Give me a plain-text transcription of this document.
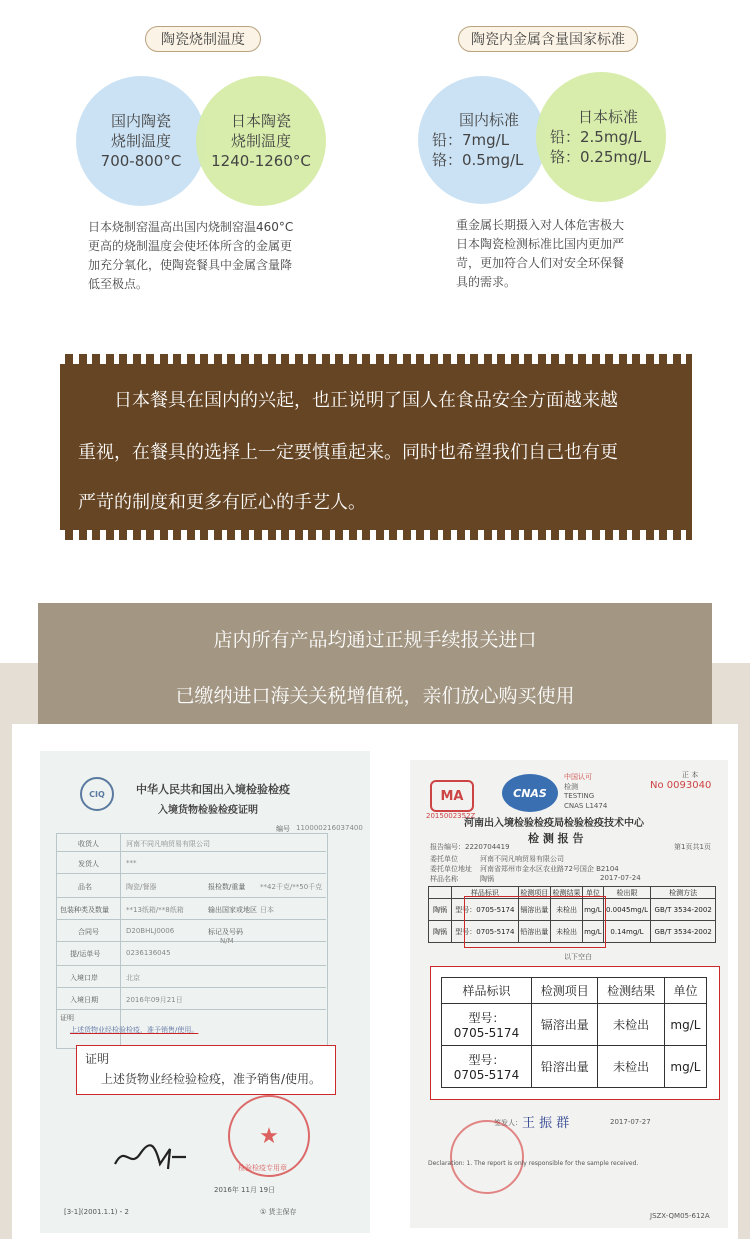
陶瓷烧制温度
国内陶瓷
烧制温度
700-800°C
日本陶瓷
烧制温度
1240-1260°C
日本烧制窑温高出国内烧制窑温460°C
更高的烧制温度会使坯体所含的金属更
加充分氧化，使陶瓷餐具中金属含量降
低至极点。
陶瓷内金属含量国家标准
国内标准
铅：7mg/L
铬：0.5mg/L
日本标准
铅：2.5mg/L
铬：0.25mg/L
重金属长期摄入对人体危害极大
日本陶瓷检测标准比国内更加严
苛，更加符合人们对安全环保餐
具的需求。
　　日本餐具在国内的兴起，也正说明了国人在食品安全方面越来越
重视，在餐具的选择上一定要慎重起来。同时也希望我们自己也有更
严苛的制度和更多有匠心的手艺人。
店内所有产品均通过正规手续报关进口
已缴纳进口海关关税增值税，亲们放心购买使用
CIQ	中华人民共和国出入境检验检疫
入境货物检验检疫证明
编号 110000216037400
收货人	河南不同凡响贸易有限公司
发货人	***
品名	陶瓷/餐器
包装种类及数量 **13纸箱/**8纸箱
合同号	D20BHLJ0006
提/运单号	0236136045
入境口岸	北京
入境日期	2016年09月21日
报检数/重量 **42千克/**50千克
输出国家或地区 日本
标记及号码
N/M
证明
上述货物业经检验检疫，准予销售/使用。
证明
上述货物业经检验检疫，准予销售/使用。
★
检验检疫专用章
2016年 11月 19日
[3-1](2001.1.1)・2	① 货主保存
MA
2015002352Z
CNAS
中国认可
检测
TESTING
CNAS L1474
正 本
No 0093040
河南出入境检验检疫局检验检疫技术中心
检 测 报 告
报告编号：2220704419	第1页共1页
委托单位	河南不同凡响贸易有限公司
委托单位地址 河南省郑州市金水区农业路72号国企 B2104
样品名称	陶锅	2017-07-24
	样品标识	检测项目	检测结果	单位	检出限	检测方法
陶锅	型号：0705-5174	镉溶出量	未检出	mg/L	0.0045mg/L	GB/T 3534-2002
陶锅	型号：0705-5174	铅溶出量	未检出	mg/L	0.14mg/L	GB/T 3534-2002
以下空白
样品标识	检测项目	检测结果	单位

型号：
0705-5174	镉溶出量	未检出	mg/L

型号：
0705-5174	铅溶出量	未检出	mg/L
签发人： 王 振 群	2017-07-27
Declaration: 1. The report is only responsible for the sample received.
JSZX-QM05-612A
